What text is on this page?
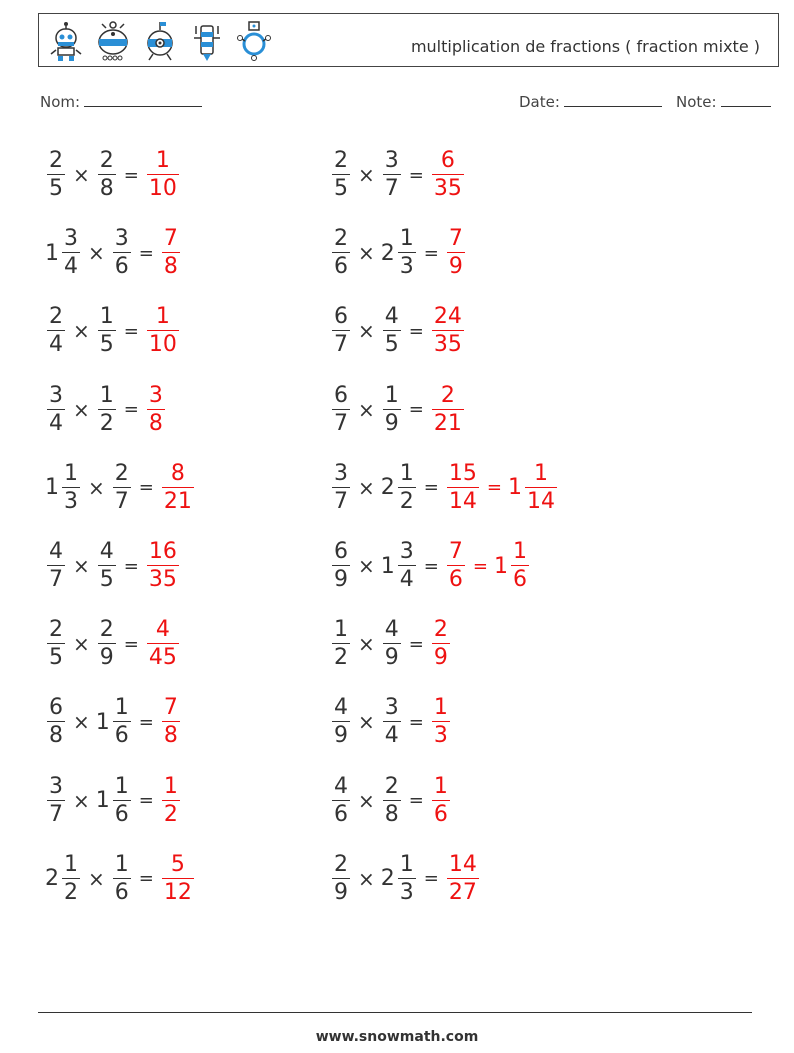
multiplication de fractions ( fraction mixte )
Nom:	Date:	Note:
$\frac{2}{5} \times \frac{2}{8} = \frac{1}{10}$	$\frac{2}{5} \times \frac{3}{7} = \frac{6}{35}$
$1 \frac{3}{4} \times \frac{3}{6} = \frac{7}{8}$	$\frac{2}{6} \times 2 \frac{1}{3} = \frac{7}{9}$
$\frac{2}{4} \times \frac{1}{5} = \frac{1}{10}$	$\frac{6}{7} \times \frac{4}{5} = \frac{24}{35}$
$\frac{3}{4} \times \frac{1}{2} = \frac{3}{8}$	$\frac{6}{7} \times \frac{1}{9} = \frac{2}{21}$
$1 \frac{1}{3} \times \frac{2}{7} = \frac{8}{21}$	$\frac{3}{7} \times 2 \frac{1}{2} = \frac{15}{14} = 1 \frac{1}{14}$
$\frac{4}{7} \times \frac{4}{5} = \frac{16}{35}$	$\frac{6}{9} \times 1 \frac{3}{4} = \frac{7}{6} = 1 \frac{1}{6}$
$\frac{2}{5} \times \frac{2}{9} = \frac{4}{45}$	$\frac{1}{2} \times \frac{4}{9} = \frac{2}{9}$
$\frac{6}{8} \times 1 \frac{1}{6} = \frac{7}{8}$	$\frac{4}{9} \times \frac{3}{4} = \frac{1}{3}$
$\frac{3}{7} \times 1 \frac{1}{6} = \frac{1}{2}$	$\frac{4}{6} \times \frac{2}{8} = \frac{1}{6}$
$2 \frac{1}{2} \times \frac{1}{6} = \frac{5}{12}$	$\frac{2}{9} \times 2 \frac{1}{3} = \frac{14}{27}$
www.snowmath.com
